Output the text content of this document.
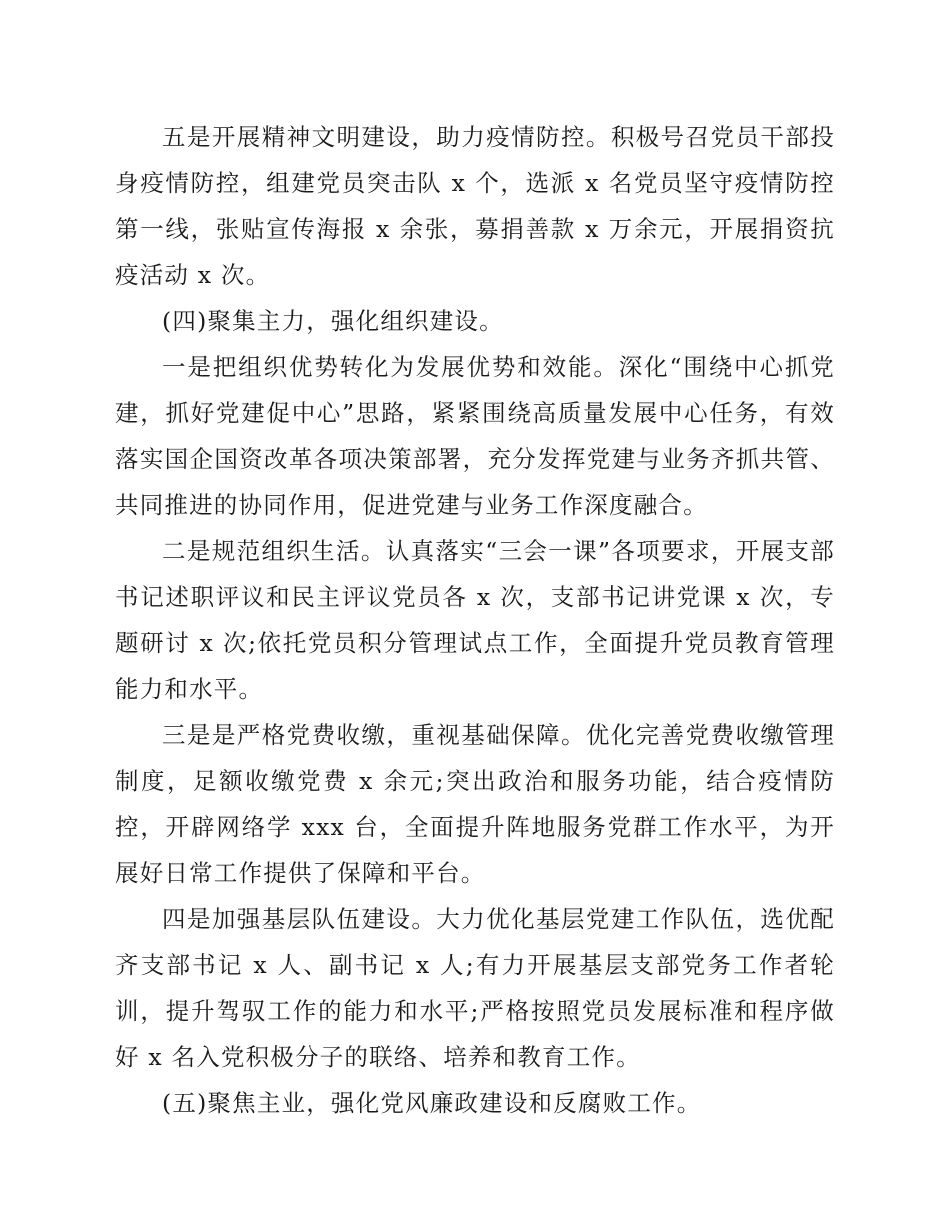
五是开展精神文明建设，助力疫情防控。积极号召党员干部投身疫情防控，组建党员突击队 x 个，选派 x 名党员坚守疫情防控第一线，张贴宣传海报 x 余张，募捐善款 x 万余元，开展捐资抗疫活动 x 次。

(四)聚集主力，强化组织建设。

一是把组织优势转化为发展优势和效能。深化“围绕中心抓党建，抓好党建促中心”思路，紧紧围绕高质量发展中心任务，有效落实国企国资改革各项决策部署，充分发挥党建与业务齐抓共管、共同推进的协同作用，促进党建与业务工作深度融合。

二是规范组织生活。认真落实“三会一课”各项要求，开展支部书记述职评议和民主评议党员各 x 次，支部书记讲党课 x 次，专题研讨 x 次;依托党员积分管理试点工作，全面提升党员教育管理能力和水平。

三是是严格党费收缴，重视基础保障。优化完善党费收缴管理制度，足额收缴党费 x 余元;突出政治和服务功能，结合疫情防控，开辟网络学 xxx 台，全面提升阵地服务党群工作水平，为开展好日常工作提供了保障和平台。

四是加强基层队伍建设。大力优化基层党建工作队伍，选优配齐支部书记 x 人、副书记 x 人;有力开展基层支部党务工作者轮训，提升驾驭工作的能力和水平;严格按照党员发展标准和程序做好 x 名入党积极分子的联络、培养和教育工作。

(五)聚焦主业，强化党风廉政建设和反腐败工作。
